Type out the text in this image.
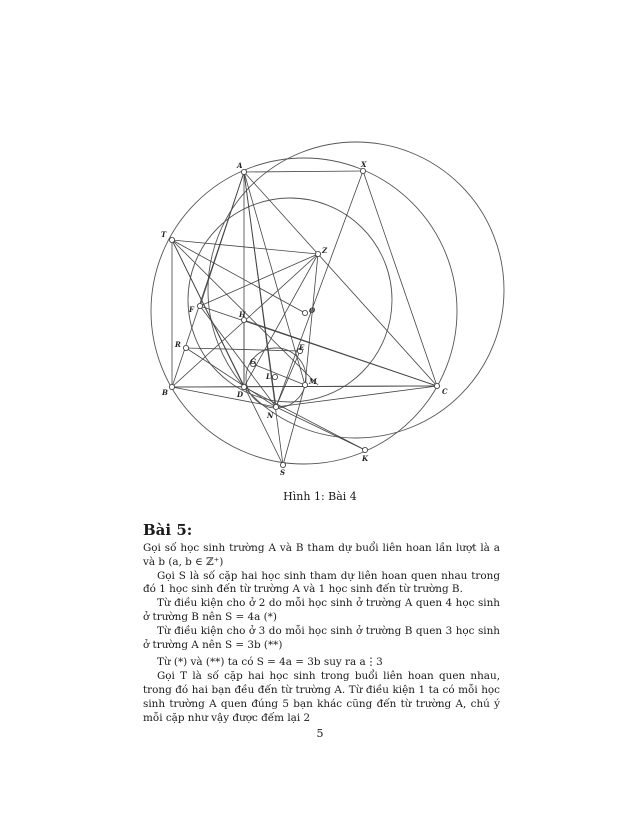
A	X
T
Z
F
H	O
R	E
G
L
M
B	D
N
C
S
K
Hình 1: Bài 4
Bài 5:

Gọi số học sinh trường A và B tham dự buổi liên hoan lần lượt là a và b (a, b ∈ ℤ⁺)

Gọi S là số cặp hai học sinh tham dự liên hoan quen nhau trong đó 1 học sinh đến từ trường A và 1 học sinh đến từ trường B.

Từ điều kiện cho ở 2 do mỗi học sinh ở trường A quen 4 học sinh ở trường B nên S = 4a (*)

Từ điều kiện cho ở 3 do mỗi học sinh ở trường B quen 3 học sinh ở trường A nên S = 3b (**)

Từ (*) và (**) ta có S = 4a = 3b suy ra a⋮3

Gọi T là số cặp hai học sinh trong buổi liên hoan quen nhau, trong đó hai bạn đều đến từ trường A. Từ điều kiện 1 ta có mỗi học sinh trường A quen đúng 5 bạn khác cũng đến từ trường A, chú ý mỗi cặp như vậy được đếm lại 2

5
